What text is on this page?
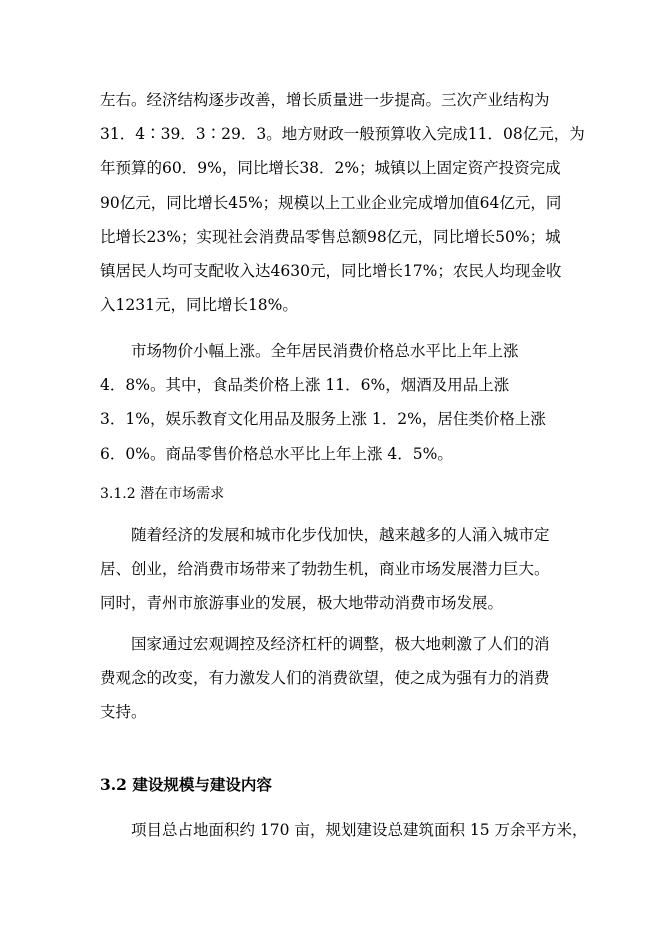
左右。经济结构逐步改善，增长质量进一步提高。三次产业结构为
31．4∶39．3∶29．3。地方财政一般预算收入完成11．08亿元，为
年预算的60．9%，同比增长38．2%；城镇以上固定资产投资完成
90亿元，同比增长45%；规模以上工业企业完成增加值64亿元，同
比增长23%；实现社会消费品零售总额98亿元，同比增长50%；城
镇居民人均可支配收入达4630元，同比增长17%；农民人均现金收
入1231元，同比增长18%。
市场物价小幅上涨。全年居民消费价格总水平比上年上涨
4．8%。其中，食品类价格上涨 11．6%，烟酒及用品上涨
3．1%，娱乐教育文化用品及服务上涨 1．2%，居住类价格上涨
6．0%。商品零售价格总水平比上年上涨 4．5%。
3.1.2 潜在市场需求
随着经济的发展和城市化步伐加快，越来越多的人涌入城市定
居、创业，给消费市场带来了勃勃生机，商业市场发展潜力巨大。
同时，青州市旅游事业的发展，极大地带动消费市场发展。
国家通过宏观调控及经济杠杆的调整，极大地刺激了人们的消
费观念的改变，有力激发人们的消费欲望，使之成为强有力的消费
支持。
3.2 建设规模与建设内容
项目总占地面积约 170 亩，规划建设总建筑面积 15 万余平方米，
